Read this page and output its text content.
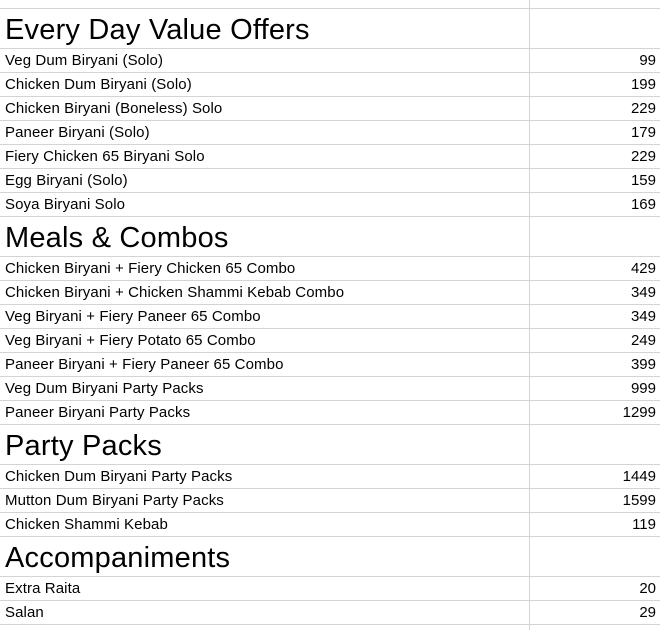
Every Day Value Offers
Veg Dum Biryani (Solo)	99
Chicken Dum Biryani (Solo)	199
Chicken Biryani (Boneless) Solo	229
Paneer Biryani (Solo)	179
Fiery Chicken 65 Biryani Solo	229
Egg Biryani (Solo)	159
Soya Biryani Solo	169
Meals & Combos
Chicken Biryani + Fiery Chicken 65 Combo	429
Chicken Biryani + Chicken Shammi Kebab Combo	349
Veg Biryani + Fiery Paneer 65 Combo	349
Veg Biryani + Fiery Potato 65 Combo	249
Paneer Biryani + Fiery Paneer 65 Combo	399
Veg Dum Biryani Party Packs	999
Paneer Biryani Party Packs	1299
Party Packs
Chicken Dum Biryani Party Packs	1449
Mutton Dum Biryani Party Packs	1599
Chicken Shammi Kebab	119
Accompaniments
Extra Raita	20
Salan	29
